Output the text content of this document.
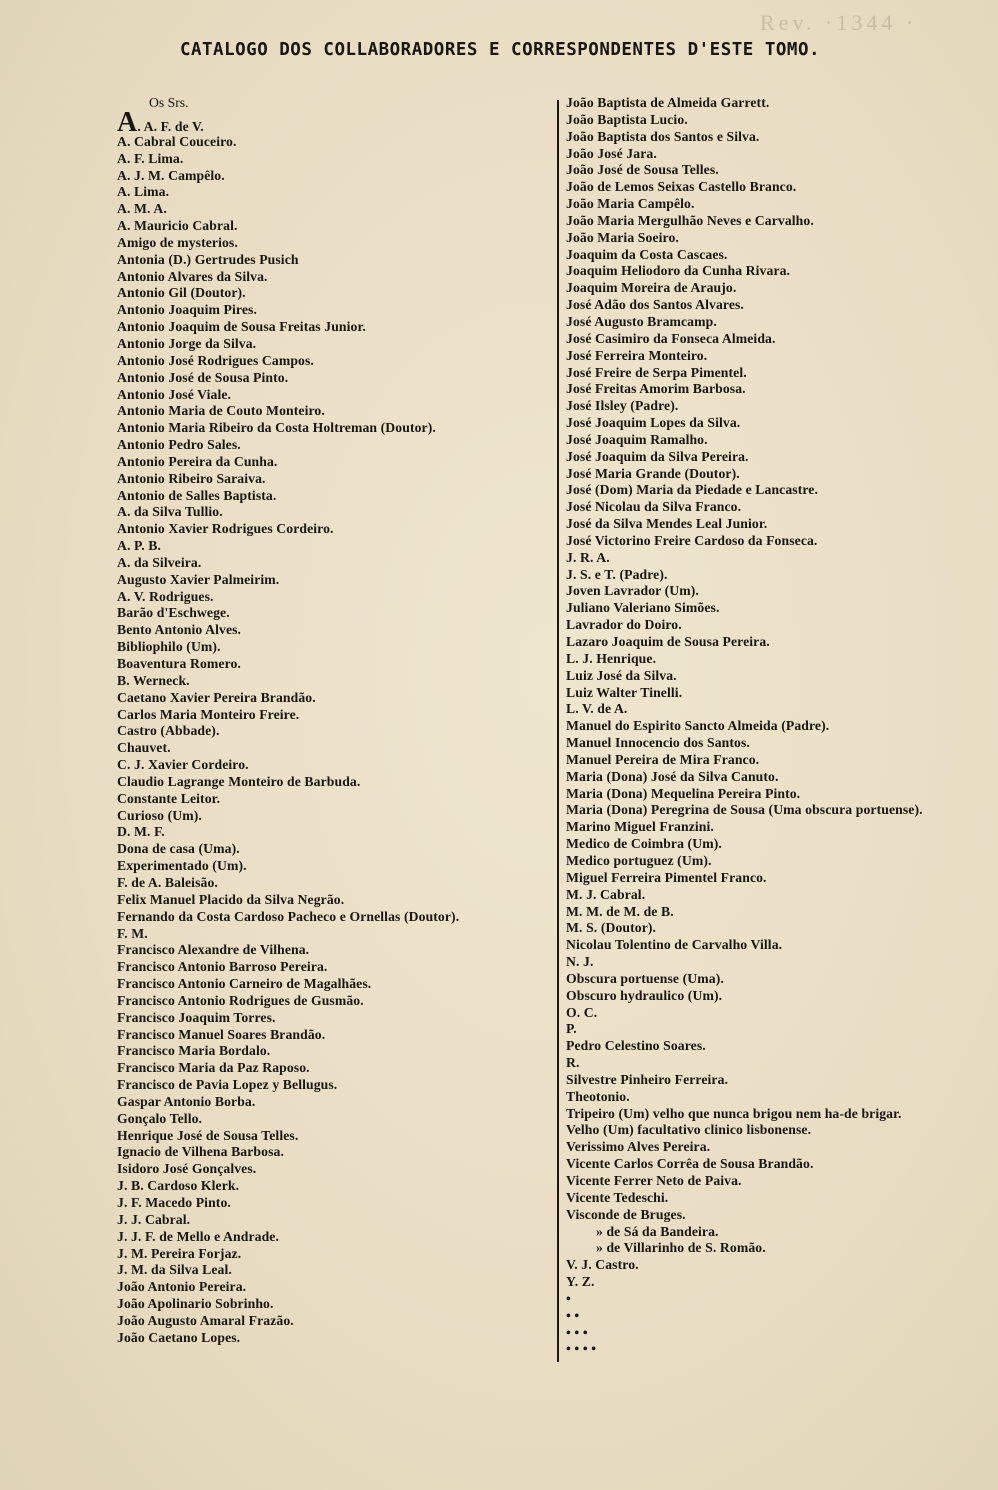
Rev. ·1344 ·
CATALOGO DOS COLLABORADORES E CORRESPONDENTES D'ESTE TOMO.
Os Srs.
A. A. F. de V.
A. Cabral Couceiro.
A. F. Lima.
A. J. M. Campêlo.
A. Lima.
A. M. A.
A. Mauricio Cabral.
Amigo de mysterios.
Antonia (D.) Gertrudes Pusich
Antonio Alvares da Silva.
Antonio Gil (Doutor).
Antonio Joaquim Pires.
Antonio Joaquim de Sousa Freitas Junior.
Antonio Jorge da Silva.
Antonio José Rodrigues Campos.
Antonio José de Sousa Pinto.
Antonio José Viale.
Antonio Maria de Couto Monteiro.
Antonio Maria Ribeiro da Costa Holtreman (Doutor).
Antonio Pedro Sales.
Antonio Pereira da Cunha.
Antonio Ribeiro Saraiva.
Antonio de Salles Baptista.
A. da Silva Tullio.
Antonio Xavier Rodrigues Cordeiro.
A. P. B.
A. da Silveira.
Augusto Xavier Palmeirim.
A. V. Rodrigues.
Barão d'Eschwege.
Bento Antonio Alves.
Bibliophilo (Um).
Boaventura Romero.
B. Werneck.
Caetano Xavier Pereira Brandão.
Carlos Maria Monteiro Freire.
Castro (Abbade).
Chauvet.
C. J. Xavier Cordeiro.
Claudio Lagrange Monteiro de Barbuda.
Constante Leitor.
Curioso (Um).
D. M. F.
Dona de casa (Uma).
Experimentado (Um).
F. de A. Baleisão.
Felix Manuel Placido da Silva Negrão.
Fernando da Costa Cardoso Pacheco e Ornellas (Doutor).
F. M.
Francisco Alexandre de Vilhena.
Francisco Antonio Barroso Pereira.
Francisco Antonio Carneiro de Magalhães.
Francisco Antonio Rodrigues de Gusmão.
Francisco Joaquim Torres.
Francisco Manuel Soares Brandão.
Francisco Maria Bordalo.
Francisco Maria da Paz Raposo.
Francisco de Pavia Lopez y Bellugus.
Gaspar Antonio Borba.
Gonçalo Tello.
Henrique José de Sousa Telles.
Ignacio de Vilhena Barbosa.
Isidoro José Gonçalves.
J. B. Cardoso Klerk.
J. F. Macedo Pinto.
J. J. Cabral.
J. J. F. de Mello e Andrade.
J. M. Pereira Forjaz.
J. M. da Silva Leal.
João Antonio Pereira.
João Apolinario Sobrinho.
João Augusto Amaral Frazão.
João Caetano Lopes.
João Baptista de Almeida Garrett.
João Baptista Lucio.
João Baptista dos Santos e Silva.
João José Jara.
João José de Sousa Telles.
João de Lemos Seixas Castello Branco.
João Maria Campêlo.
João Maria Mergulhão Neves e Carvalho.
João Maria Soeiro.
Joaquim da Costa Cascaes.
Joaquim Heliodoro da Cunha Rivara.
Joaquim Moreira de Araujo.
José Adão dos Santos Alvares.
José Augusto Bramcamp.
José Casimiro da Fonseca Almeida.
José Ferreira Monteiro.
José Freire de Serpa Pimentel.
José Freitas Amorim Barbosa.
José Ilsley (Padre).
José Joaquim Lopes da Silva.
José Joaquim Ramalho.
José Joaquim da Silva Pereira.
José Maria Grande (Doutor).
José (Dom) Maria da Piedade e Lancastre.
José Nicolau da Silva Franco.
José da Silva Mendes Leal Junior.
José Victorino Freire Cardoso da Fonseca.
J. R. A.
J. S. e T. (Padre).
Joven Lavrador (Um).
Juliano Valeriano Simões.
Lavrador do Doiro.
Lazaro Joaquim de Sousa Pereira.
L. J. Henrique.
Luiz José da Silva.
Luiz Walter Tinelli.
L. V. de A.
Manuel do Espirito Sancto Almeida (Padre).
Manuel Innocencio dos Santos.
Manuel Pereira de Mira Franco.
Maria (Dona) José da Silva Canuto.
Maria (Dona) Mequelina Pereira Pinto.
Maria (Dona) Peregrina de Sousa (Uma obscura portuense).
Marino Miguel Franzini.
Medico de Coimbra (Um).
Medico portuguez (Um).
Miguel Ferreira Pimentel Franco.
M. J. Cabral.
M. M. de M. de B.
M. S. (Doutor).
Nicolau Tolentino de Carvalho Villa.
N. J.
Obscura portuense (Uma).
Obscuro hydraulico (Um).
O. C.
P.
Pedro Celestino Soares.
R.
Silvestre Pinheiro Ferreira.
Theotonio.
Tripeiro (Um) velho que nunca brigou nem ha-de brigar.
Velho (Um) facultativo clinico lisbonense.
Verissimo Alves Pereira.
Vicente Carlos Corrêa de Sousa Brandão.
Vicente Ferrer Neto de Paiva.
Vicente Tedeschi.
Visconde de Bruges.
» de Sá da Bandeira.
» de Villarinho de S. Romão.
V. J. Castro.
Y. Z.
•
• •
• • •
• • • •
